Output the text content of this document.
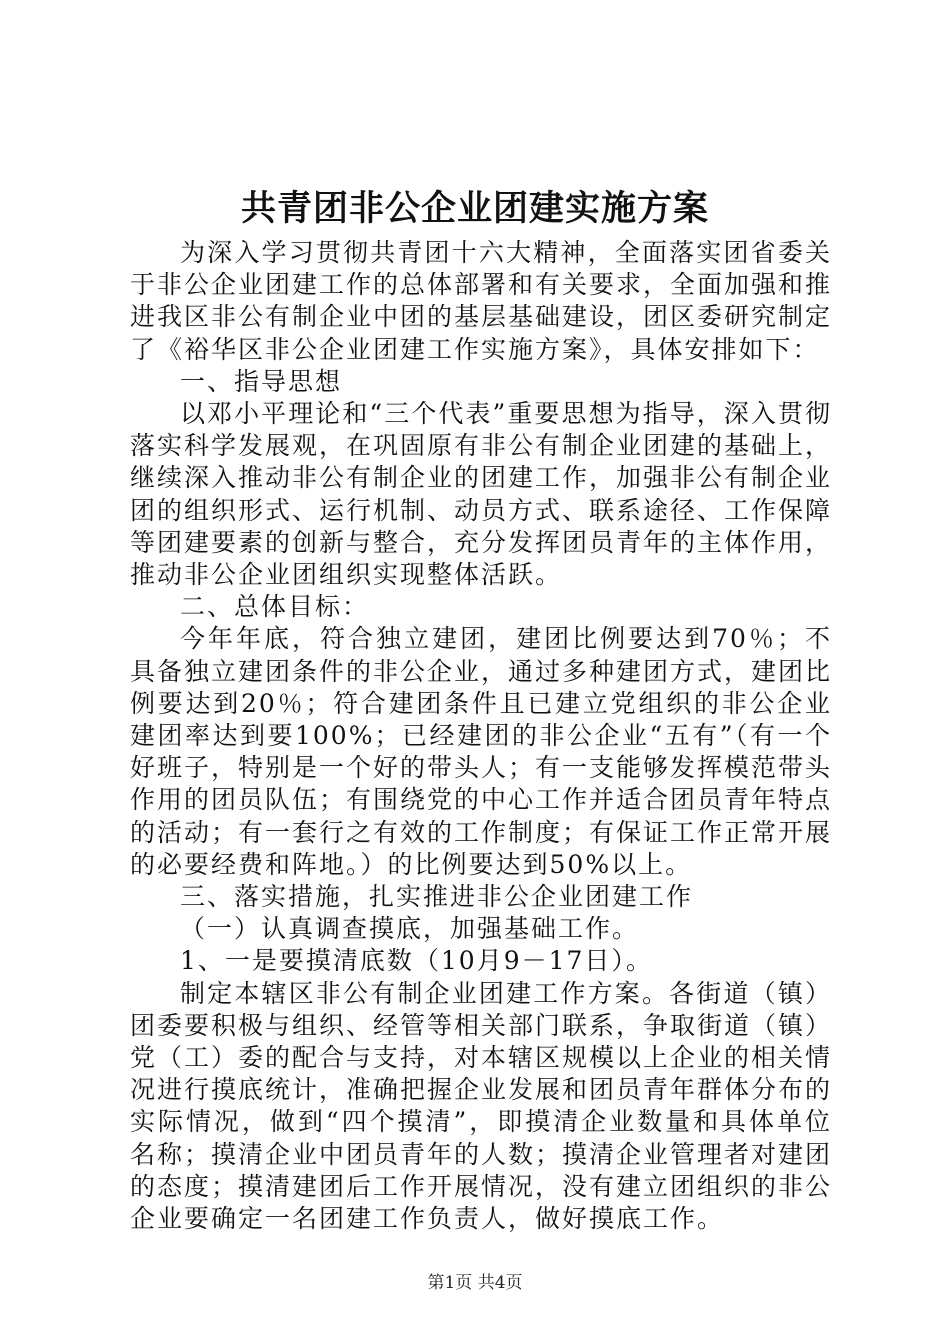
共青团非公企业团建实施方案

为深入学习贯彻共青团十六大精神，全面落实团省委关于非公企业团建工作的总体部署和有关要求，全面加强和推进我区非公有制企业中团的基层基础建设，团区委研究制定了《裕华区非公企业团建工作实施方案》，具体安排如下：

一、指导思想

以邓小平理论和“三个代表”重要思想为指导，深入贯彻落实科学发展观，在巩固原有非公有制企业团建的基础上，继续深入推动非公有制企业的团建工作，加强非公有制企业团的组织形式、运行机制、动员方式、联系途径、工作保障等团建要素的创新与整合，充分发挥团员青年的主体作用，推动非公企业团组织实现整体活跃。

二、总体目标：

今年年底，符合独立建团，建团比例要达到70％；不具备独立建团条件的非公企业，通过多种建团方式，建团比例要达到20％；符合建团条件且已建立党组织的非公企业建团率达到要100%；已经建团的非公企业“五有”（有一个好班子，特别是一个好的带头人；有一支能够发挥模范带头作用的团员队伍；有围绕党的中心工作并适合团员青年特点的活动；有一套行之有效的工作制度；有保证工作正常开展的必要经费和阵地。）的比例要达到50%以上。

三、落实措施，扎实推进非公企业团建工作

（一）认真调查摸底，加强基础工作。

1、一是要摸清底数（10月9－17日）。

制定本辖区非公有制企业团建工作方案。各街道（镇）团委要积极与组织、经管等相关部门联系，争取街道（镇）党（工）委的配合与支持，对本辖区规模以上企业的相关情况进行摸底统计，准确把握企业发展和团员青年群体分布的实际情况，做到“四个摸清”，即摸清企业数量和具体单位名称；摸清企业中团员青年的人数；摸清企业管理者对建团的态度；摸清建团后工作开展情况，没有建立团组织的非公企业要确定一名团建工作负责人，做好摸底工作。

第1页 共4页
